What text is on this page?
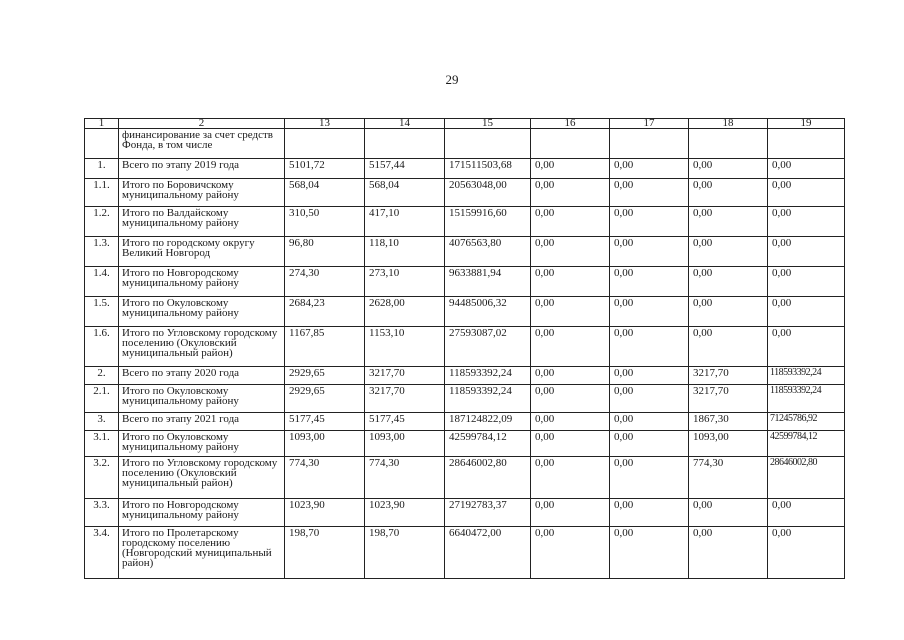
29
1	2	13	14	15	16	17	18	19
	финансирование за счет средств Фонда, в том числе							
1.	Всего по этапу 2019 года	5101,72	5157,44	171511503,68	0,00	0,00	0,00	0,00
1.1.	Итого по Боровичскому муниципальному району	568,04	568,04	20563048,00	0,00	0,00	0,00	0,00
1.2.	Итого по Валдайскому муниципальному району	310,50	417,10	15159916,60	0,00	0,00	0,00	0,00
1.3.	Итого по городскому округу Великий Новгород	96,80	118,10	4076563,80	0,00	0,00	0,00	0,00
1.4.	Итого по Новгородскому муниципальному району	274,30	273,10	9633881,94	0,00	0,00	0,00	0,00
1.5.	Итого по Окуловскому муниципальному району	2684,23	2628,00	94485006,32	0,00	0,00	0,00	0,00
1.6.	Итого по Угловскому городскому поселению (Окуловский муниципальный район)	1167,85	1153,10	27593087,02	0,00	0,00	0,00	0,00
2.	Всего по этапу 2020 года	2929,65	3217,70	118593392,24	0,00	0,00	3217,70	118593392,24
2.1.	Итого по Окуловскому муниципальному району	2929,65	3217,70	118593392,24	0,00	0,00	3217,70	118593392,24
3.	Всего по этапу 2021 года	5177,45	5177,45	187124822,09	0,00	0,00	1867,30	71245786,92
3.1.	Итого по Окуловскому муниципальному району	1093,00	1093,00	42599784,12	0,00	0,00	1093,00	42599784,12
3.2.	Итого по Угловскому городскому поселению (Окуловский муниципальный район)	774,30	774,30	28646002,80	0,00	0,00	774,30	28646002,80
3.3.	Итого по Новгородскому муниципальному району	1023,90	1023,90	27192783,37	0,00	0,00	0,00	0,00
3.4.	Итого по Пролетарскому городскому поселению (Новгородский муниципальный район)	198,70	198,70	6640472,00	0,00	0,00	0,00	0,00
